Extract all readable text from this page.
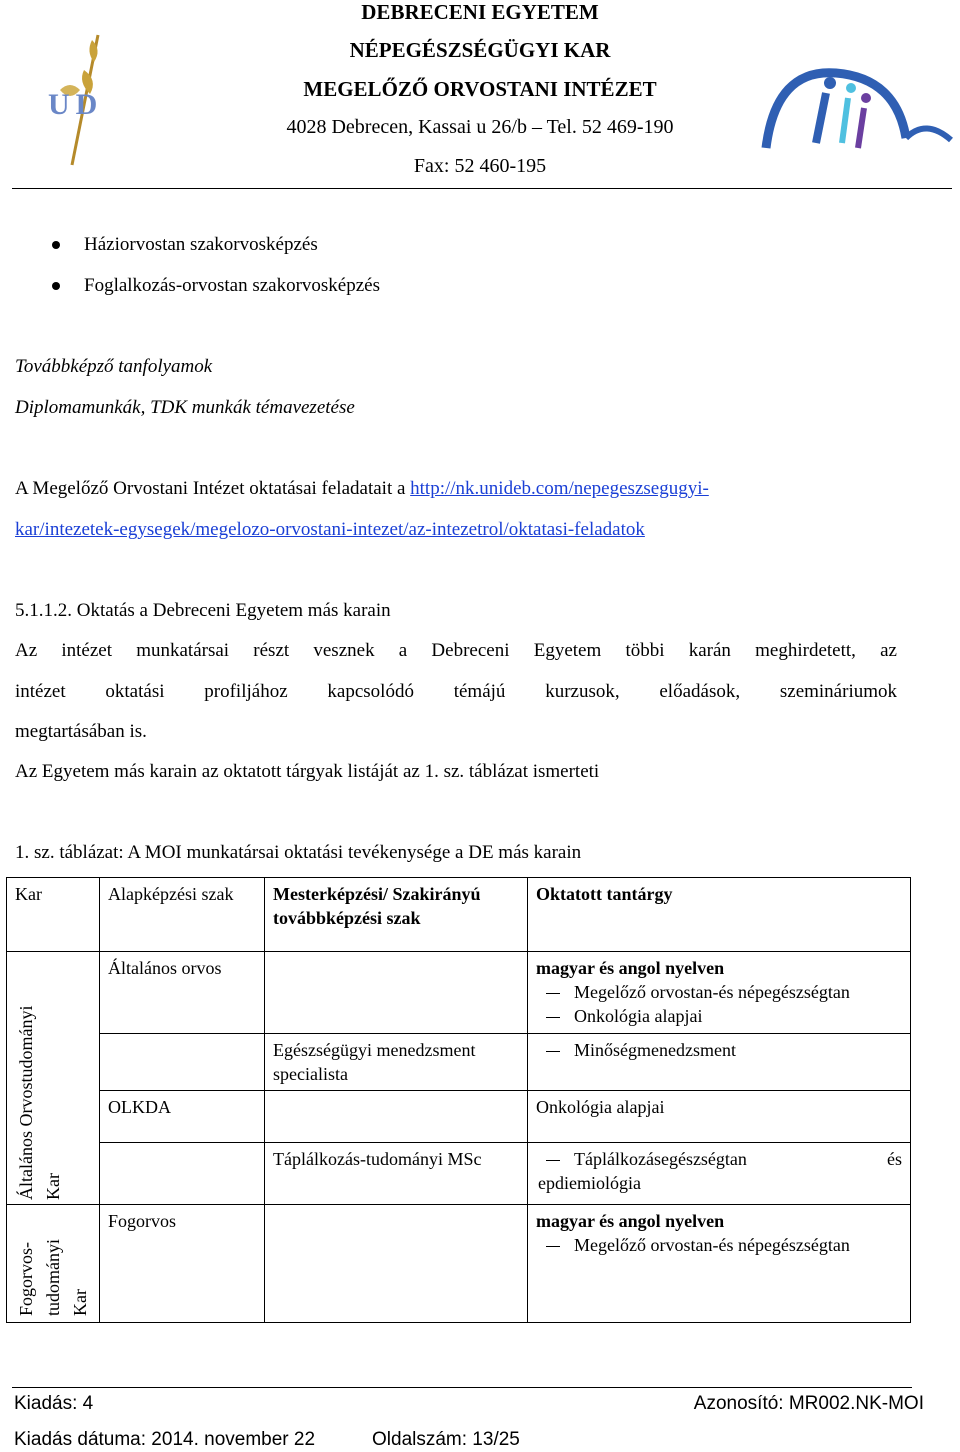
UD
DEBRECENI EGYETEM
NÉPEGÉSZSÉGÜGYI KAR
MEGELŐZŐ ORVOSTANI INTÉZET
4028 Debrecen, Kassai u 26/b – Tel. 52 469-190
Fax: 52 460-195
Háziorvostan szakorvosképzés
Foglalkozás-orvostan szakorvosképzés
Továbbképző tanfolyamok
Diplomamunkák, TDK munkák témavezetése
A Megelőző Orvostani Intézet oktatásai feladatait a http://nk.unideb.com/nepegeszsegugyi-
kar/intezetek-egysegek/megelozo-orvostani-intezet/az-intezetrol/oktatasi-feladatok
5.1.1.2. Oktatás a Debreceni Egyetem más karain
Az intézet munkatársai részt vesznek a Debreceni Egyetem többi karán meghirdetett, az
intézet oktatási profiljához kapcsolódó témájú kurzusok, előadások, szemináriumok
megtartásában is.
Az Egyetem más karain az oktatott tárgyak listáját az 1. sz. táblázat ismerteti
1. sz. táblázat: A MOI munkatársai oktatási tevékenysége a DE más karain
Kar	Alapképzési szak	Mesterképzési/ Szakirányú továbbképzési szak	Oktatott tantárgy

Általános Orvostudományi Kar	Általános orvos		magyar és angol nyelven
Megelőző orvostan-és népegészségtan
Onkológia alapjai

		Egészségügyi menedzsment specialista	Minőségmenedzsment

	OLKDA		Onkológia alapjai
		Táplálkozás-tudományi MSc	Táplálkozásegészségtan és
epdiemiológia

Fogorvos-tudományi Kar	Fogorvos		magyar és angol nyelven
Megelőző orvostan-és népegészségtan
Kiadás: 4	Azonosító: MR002.NK-MOI
Kiadás dátuma: 2014. november 22	Oldalszám: 13/25
